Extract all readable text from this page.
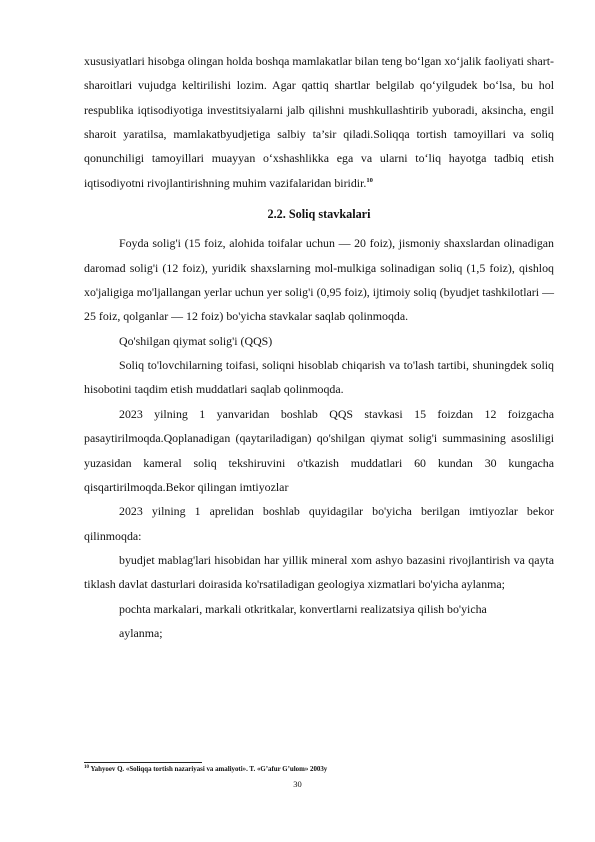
xususiyatlari hisobga olingan holda boshqa mamlakatlar bilan teng bo‘lgan xo‘jalik faoliyati shart-sharoitlari vujudga keltirilishi lozim. Agar qattiq shartlar belgilab qo‘yilgudek bo‘lsa, bu hol respublika iqtisodiyotiga investitsiyalarni jalb qilishni mushkullashtirib yuboradi, aksincha, engil sharoit yaratilsa, mamlakatbyudjetiga salbiy ta’sir qiladi.Soliqqa tortish tamoyillari va soliq qonunchiligi tamoyillari muayyan o‘xshashlikka ega va ularni to‘liq hayotga tadbiq etish iqtisodiyotni rivojlantirishning muhim vazifalaridan biridir.$^{10}$

2.2. Soliq stavkalari

Foyda solig'i (15 foiz, alohida toifalar uchun — 20 foiz), jismoniy shaxslardan olinadigan daromad solig'i (12 foiz), yuridik shaxslarning mol-mulkiga solinadigan soliq (1,5 foiz), qishloq xo'jaligiga mo'ljallangan yerlar uchun yer solig'i (0,95 foiz), ijtimoiy soliq (byudjet tashkilotlari — 25 foiz, qolganlar — 12 foiz) bo'yicha stavkalar saqlab qolinmoqda.

Qo'shilgan qiymat solig'i (QQS)

Soliq to'lovchilarning toifasi, soliqni hisoblab chiqarish va to'lash tartibi, shuningdek soliq hisobotini taqdim etish muddatlari saqlab qolinmoqda.

2023 yilning 1 yanvaridan boshlab QQS stavkasi 15 foizdan 12 foizgacha pasaytirilmoqda.Qoplanadigan (qaytariladigan) qo'shilgan qiymat solig'i summasining asosliligi yuzasidan kameral soliq tekshiruvini o'tkazish muddatlari 60 kundan 30 kungacha qisqartirilmoqda.Bekor qilingan imtiyozlar

2023 yilning 1 aprelidan boshlab quyidagilar bo'yicha berilgan imtiyozlar bekor qilinmoqda:

byudjet mablag'lari hisobidan har yillik mineral xom ashyo bazasini rivojlantirish va qayta tiklash davlat dasturlari doirasida ko'rsatiladigan geologiya xizmatlari bo'yicha aylanma;

pochta markalari, markali otkritkalar, konvertlarni realizatsiya qilish bo'yicha

aylanma;

$^{10}$ Yahyoev Q. «Soliqqa tortish nazariyasi va amaliyoti». T. «G’afur G’ulom» 2003y
30
